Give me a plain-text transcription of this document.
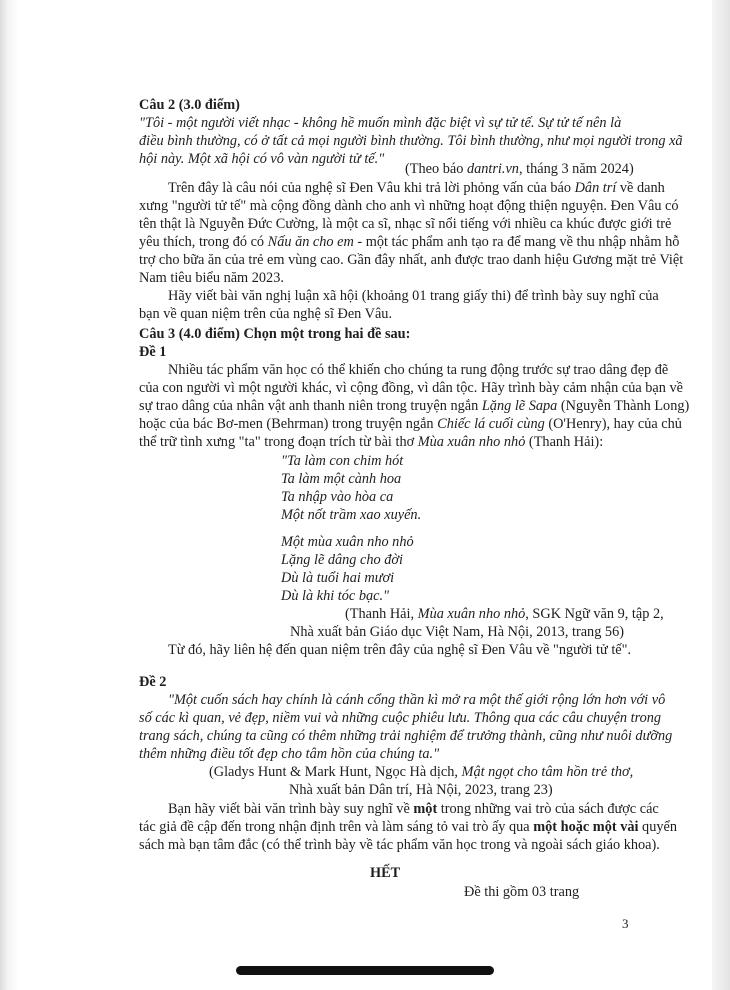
Câu 2 (3.0 điểm)
"Tôi - một người viết nhạc - không hề muốn mình đặc biệt vì sự tử tế. Sự tử tế nên là
điều bình thường, có ở tất cả mọi người bình thường. Tôi bình thường, như mọi người trong xã
hội này. Một xã hội có vô vàn người tử tế."
(Theo báo dantri.vn, tháng 3 năm 2024)
Trên đây là câu nói của nghệ sĩ Đen Vâu khi trả lời phỏng vấn của báo Dân trí về danh
xưng "người tử tế" mà cộng đồng dành cho anh vì những hoạt động thiện nguyện. Đen Vâu có
tên thật là Nguyễn Đức Cường, là một ca sĩ, nhạc sĩ nổi tiếng với nhiều ca khúc được giới trẻ
yêu thích, trong đó có Nấu ăn cho em - một tác phẩm anh tạo ra để mang về thu nhập nhằm hỗ
trợ cho bữa ăn của trẻ em vùng cao. Gần đây nhất, anh được trao danh hiệu Gương mặt trẻ Việt
Nam tiêu biểu năm 2023.
Hãy viết bài văn nghị luận xã hội (khoảng 01 trang giấy thi) để trình bày suy nghĩ của
bạn về quan niệm trên của nghệ sĩ Đen Vâu.
Câu 3 (4.0 điểm) Chọn một trong hai đề sau:
Đề 1
Nhiều tác phẩm văn học có thể khiến cho chúng ta rung động trước sự trao dâng đẹp đẽ
của con người vì một người khác, vì cộng đồng, vì dân tộc. Hãy trình bày cảm nhận của bạn về
sự trao dâng của nhân vật anh thanh niên trong truyện ngắn Lặng lẽ Sapa (Nguyễn Thành Long)
hoặc của bác Bơ-men (Behrman) trong truyện ngắn Chiếc lá cuối cùng (O'Henry), hay của chủ
thể trữ tình xưng "ta" trong đoạn trích từ bài thơ Mùa xuân nho nhỏ (Thanh Hải):
"Ta làm con chim hót
Ta làm một cành hoa
Ta nhập vào hòa ca
Một nốt trầm xao xuyến.
Một mùa xuân nho nhỏ
Lặng lẽ dâng cho đời
Dù là tuổi hai mươi
Dù là khi tóc bạc."
(Thanh Hải, Mùa xuân nho nhỏ, SGK Ngữ văn 9, tập 2,
Nhà xuất bản Giáo dục Việt Nam, Hà Nội, 2013, trang 56)
Từ đó, hãy liên hệ đến quan niệm trên đây của nghệ sĩ Đen Vâu về "người tử tế".
Đề 2
"Một cuốn sách hay chính là cánh cổng thần kì mở ra một thế giới rộng lớn hơn với vô
số các kì quan, vẻ đẹp, niềm vui và những cuộc phiêu lưu. Thông qua các câu chuyện trong
trang sách, chúng ta cũng có thêm những trải nghiệm để trưởng thành, cũng như nuôi dưỡng
thêm những điều tốt đẹp cho tâm hồn của chúng ta."
(Gladys Hunt & Mark Hunt, Ngọc Hà dịch, Mật ngọt cho tâm hồn trẻ thơ,
Nhà xuất bản Dân trí, Hà Nội, 2023, trang 23)
Bạn hãy viết bài văn trình bày suy nghĩ về một trong những vai trò của sách được các
tác giả đề cập đến trong nhận định trên và làm sáng tỏ vai trò ấy qua một hoặc một vài quyển
sách mà bạn tâm đắc (có thể trình bày về tác phẩm văn học trong và ngoài sách giáo khoa).
HẾT
Đề thi gồm 03 trang
3
